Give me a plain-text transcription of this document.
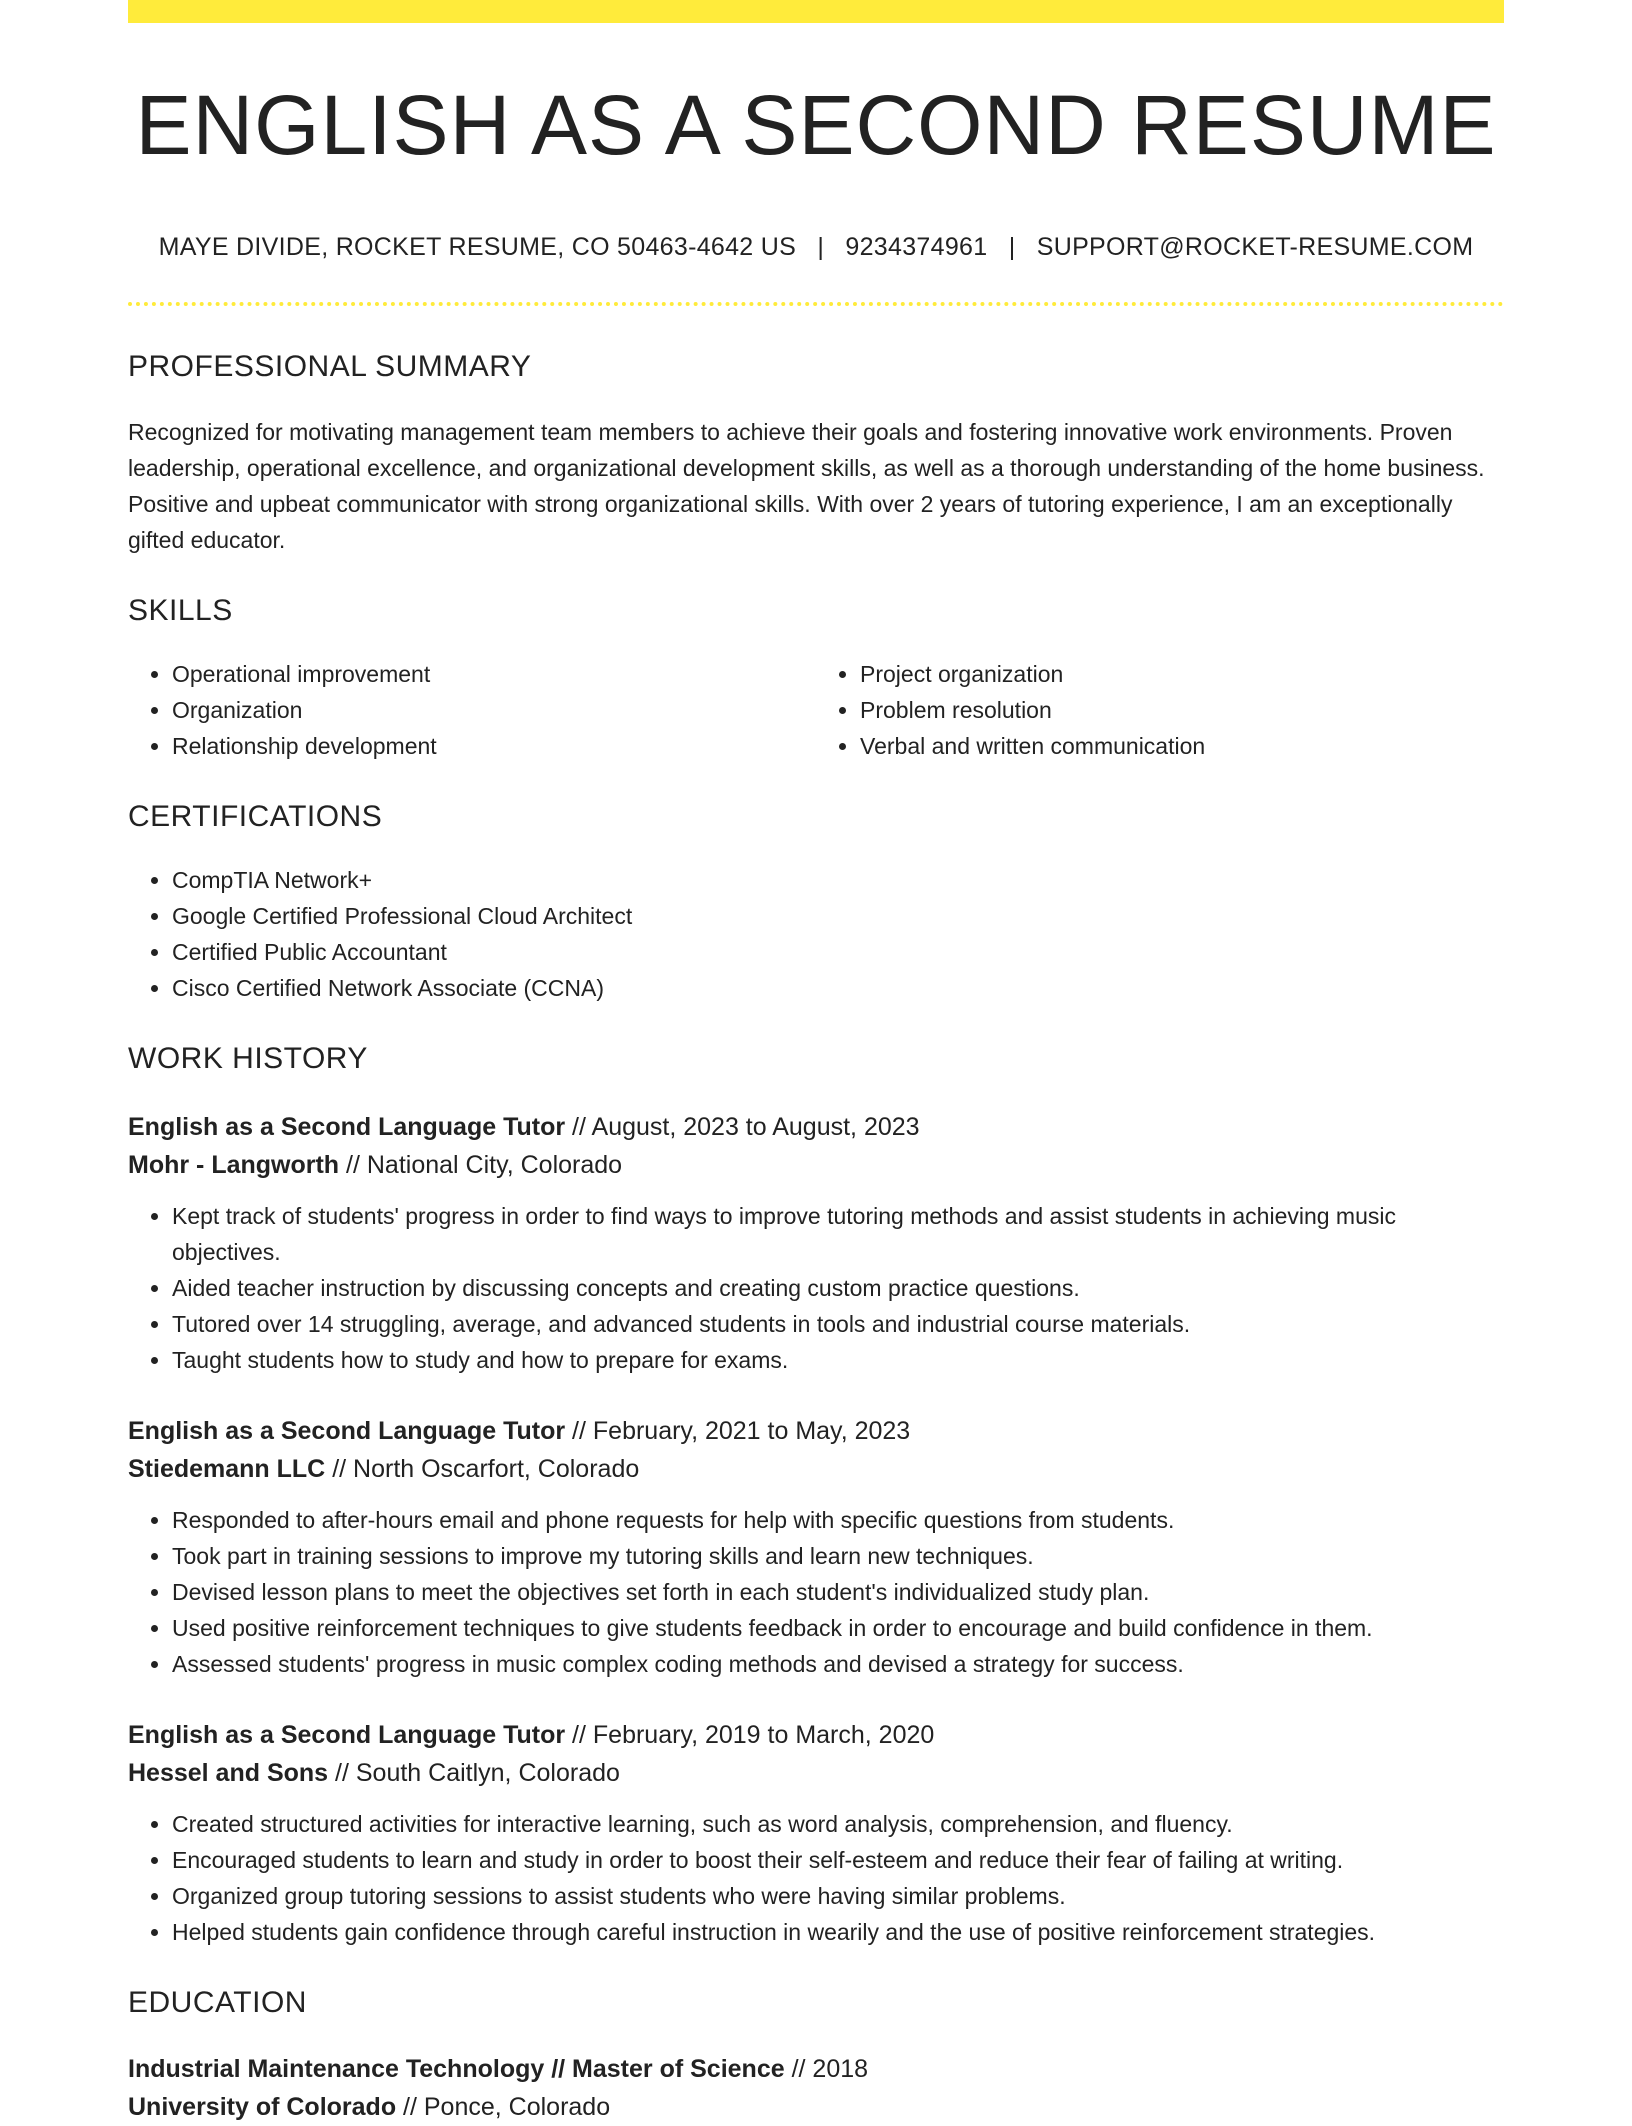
ENGLISH AS A SECOND RESUME
MAYE DIVIDE, ROCKET RESUME, CO 50463-4642 US | 9234374961 | SUPPORT@ROCKET-RESUME.COM
PROFESSIONAL SUMMARY
Recognized for motivating management team members to achieve their goals and fostering innovative work environments. Proven leadership, operational excellence, and organizational development skills, as well as a thorough understanding of the home business. Positive and upbeat communicator with strong organizational skills. With over 2 years of tutoring experience, I am an exceptionally gifted educator.
SKILLS
• Operational improvement
• Organization
• Relationship development
• Project organization
• Problem resolution
• Verbal and written communication
CERTIFICATIONS
• CompTIA Network+
• Google Certified Professional Cloud Architect
• Certified Public Accountant
• Cisco Certified Network Associate (CCNA)
WORK HISTORY
English as a Second Language Tutor // August, 2023 to August, 2023
Mohr - Langworth // National City, Colorado
• Kept track of students' progress in order to find ways to improve tutoring methods and assist students in achieving music objectives.
• Aided teacher instruction by discussing concepts and creating custom practice questions.
• Tutored over 14 struggling, average, and advanced students in tools and industrial course materials.
• Taught students how to study and how to prepare for exams.
English as a Second Language Tutor // February, 2021 to May, 2023
Stiedemann LLC // North Oscarfort, Colorado
• Responded to after-hours email and phone requests for help with specific questions from students.
• Took part in training sessions to improve my tutoring skills and learn new techniques.
• Devised lesson plans to meet the objectives set forth in each student's individualized study plan.
• Used positive reinforcement techniques to give students feedback in order to encourage and build confidence in them.
• Assessed students' progress in music complex coding methods and devised a strategy for success.
English as a Second Language Tutor // February, 2019 to March, 2020
Hessel and Sons // South Caitlyn, Colorado
• Created structured activities for interactive learning, such as word analysis, comprehension, and fluency.
• Encouraged students to learn and study in order to boost their self-esteem and reduce their fear of failing at writing.
• Organized group tutoring sessions to assist students who were having similar problems.
• Helped students gain confidence through careful instruction in wearily and the use of positive reinforcement strategies.
EDUCATION
Industrial Maintenance Technology // Master of Science // 2018
University of Colorado // Ponce, Colorado
